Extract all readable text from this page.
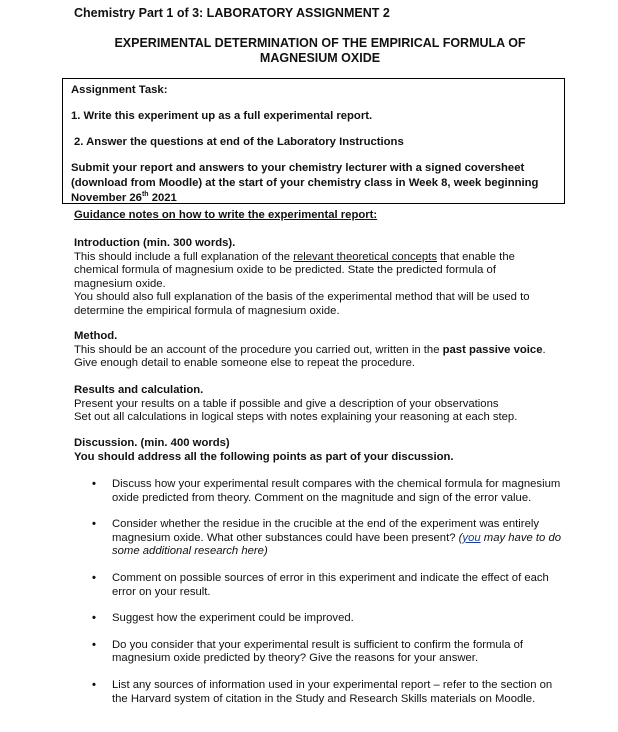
Chemistry Part 1 of 3: LABORATORY ASSIGNMENT 2
EXPERIMENTAL DETERMINATION OF THE EMPIRICAL FORMULA OF
MAGNESIUM OXIDE

Assignment Task:

1. Write this experiment up as a full experimental report.

2. Answer the questions at end of the Laboratory Instructions

Submit your report and answers to your chemistry lecturer with a signed coversheet (download from Moodle) at the start of your chemistry class in Week 8, week beginning November 26th 2021

Guidance notes on how to write the experimental report:

Introduction (min. 300 words).

This should include a full explanation of the relevant theoretical concepts that enable the chemical formula of magnesium oxide to be predicted. State the predicted formula of magnesium oxide.

You should also full explanation of the basis of the experimental method that will be used to determine the empirical formula of magnesium oxide.

Method.

This should be an account of the procedure you carried out, written in the past passive voice. Give enough detail to enable someone else to repeat the procedure.

Results and calculation.

Present your results on a table if possible and give a description of your observations

Set out all calculations in logical steps with notes explaining your reasoning at each step.

Discussion. (min. 400 words)

You should address all the following points as part of your discussion.

• Discuss how your experimental result compares with the chemical formula for magnesium oxide predicted from theory. Comment on the magnitude and sign of the error value.
• Consider whether the residue in the crucible at the end of the experiment was entirely magnesium oxide. What other substances could have been present? (you may have to do some additional research here)
• Comment on possible sources of error in this experiment and indicate the effect of each error on your result.
• Suggest how the experiment could be improved.
• Do you consider that your experimental result is sufficient to confirm the formula of magnesium oxide predicted by theory? Give the reasons for your answer.
• List any sources of information used in your experimental report – refer to the section on the Harvard system of citation in the Study and Research Skills materials on Moodle.
